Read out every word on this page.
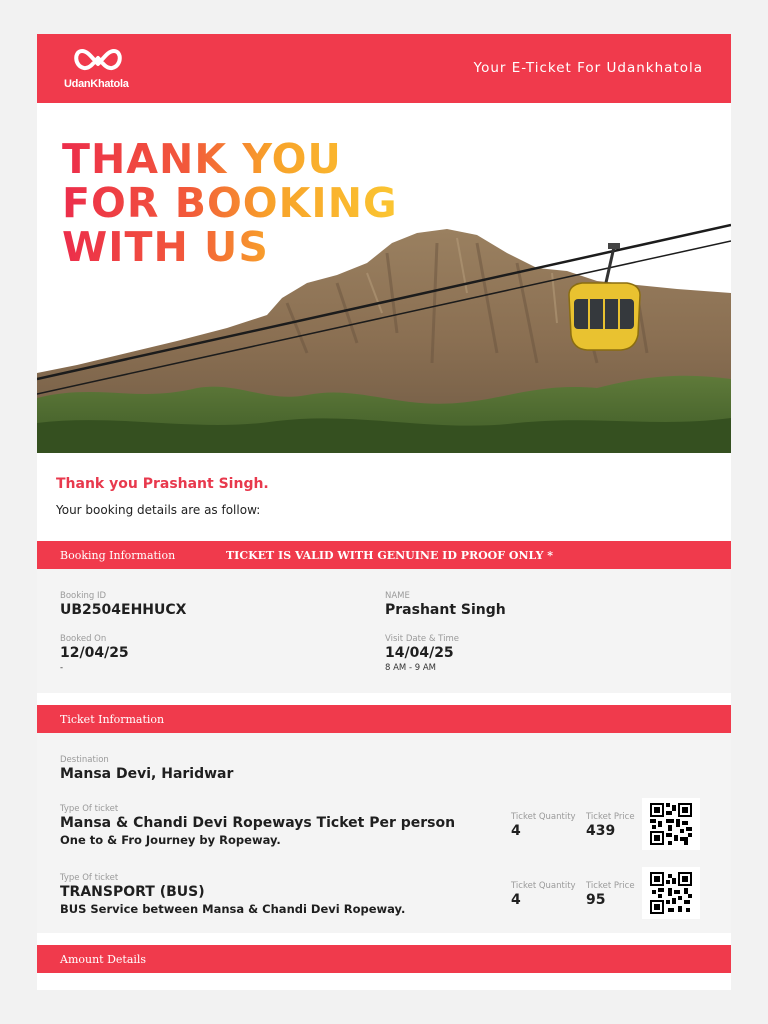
UdanKhatola
Your E-Ticket For Udankhatola
THANK YOU
FOR BOOKING
WITH US
Thank you Prashant Singh.
Your booking details are as follow:
Booking Information	TICKET IS VALID WITH GENUINE ID PROOF ONLY *
Booking ID
UB2504EHHUCX
NAME
Prashant Singh
Booked On
12/04/25
-
Visit Date & Time
14/04/25
8 AM - 9 AM
Ticket Information
Destination
Mansa Devi, Haridwar
Type Of ticket
Mansa & Chandi Devi Ropeways Ticket Per person
One to & Fro Journey by Ropeway.
Ticket Quantity
4
Ticket Price
439
Type Of ticket
TRANSPORT (BUS)
BUS Service between Mansa & Chandi Devi Ropeway.
Ticket Quantity
4
Ticket Price
95
Amount Details
